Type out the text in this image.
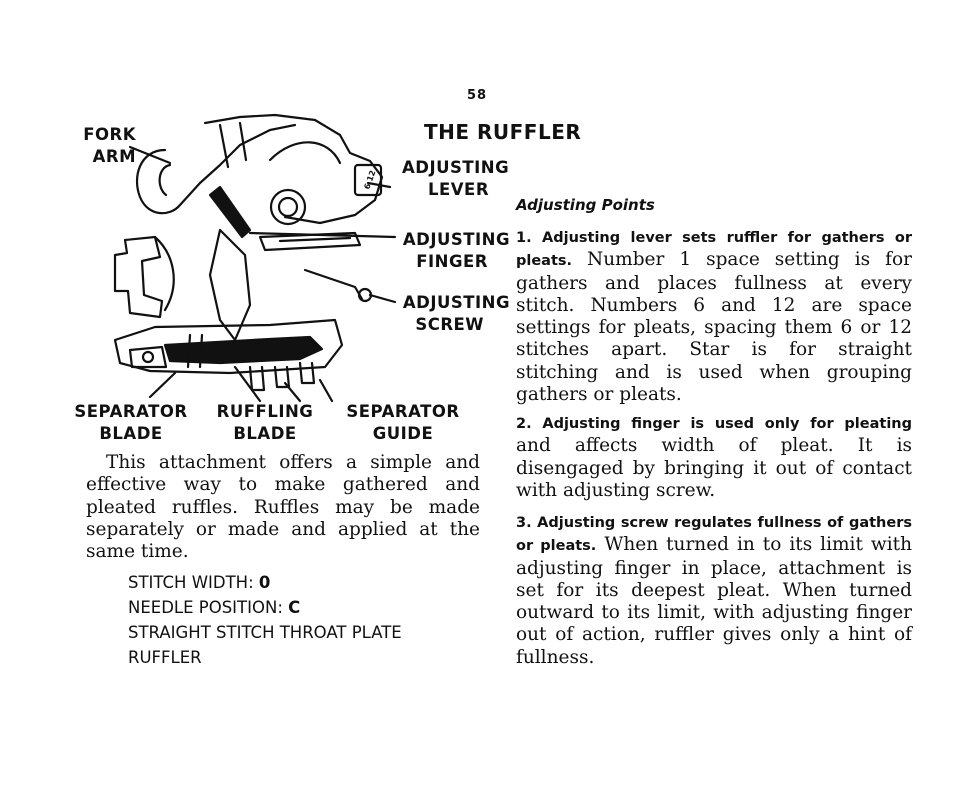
58
THE RUFFLER
6 12
FORK
ARM
ADJUSTING
LEVER
ADJUSTING
FINGER
ADJUSTING
SCREW
SEPARATOR
BLADE
RUFFLING
BLADE
SEPARATOR
GUIDE
This attachment offers a simple and effective way to make gathered and pleated ruffles. Ruffles may be made separately or made and applied at the same time.
STITCH WIDTH: 0
NEEDLE POSITION: C
STRAIGHT STITCH THROAT PLATE
RUFFLER
Adjusting Points
1. Adjusting lever sets ruffler for gathers or pleats. Number 1 space setting is for gathers and places fullness at every stitch. Numbers 6 and 12 are space settings for pleats, spacing them 6 or 12 stitches apart. Star is for straight stitching and is used when grouping gathers or pleats.
2. Adjusting finger is used only for pleating and affects width of pleat. It is disengaged by bringing it out of contact with adjusting screw.
3. Adjusting screw regulates fullness of gathers or pleats. When turned in to its limit with adjusting finger in place, attachment is set for its deepest pleat. When turned outward to its limit, with adjusting finger out of action, ruffler gives only a hint of fullness.
